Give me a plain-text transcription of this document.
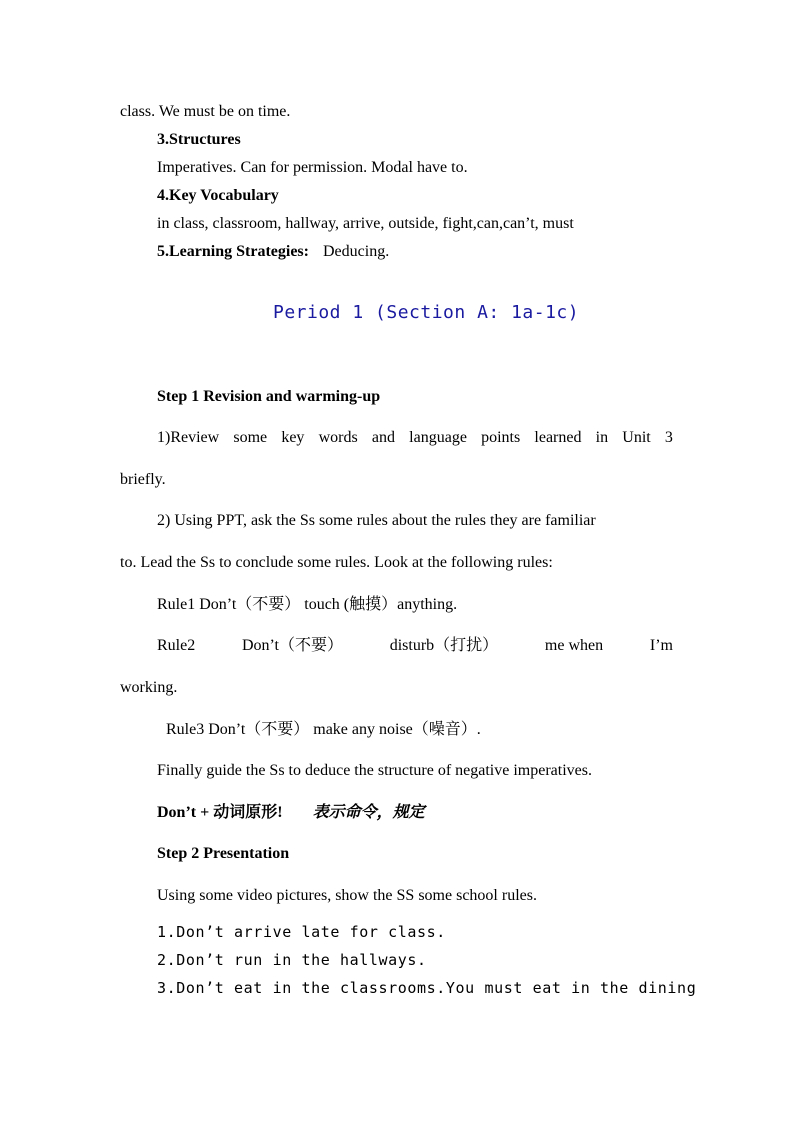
class. We must be on time.
3.Structures
Imperatives. Can for permission. Modal have to.
4.Key Vocabulary
in class, classroom, hallway, arrive, outside, fight,can,can’t, must
5.Learning Strategies: Deducing.
Period 1 (Section A: 1a-1c)
Step 1 Revision and warming-up
1)Review some key words and language points learned in Unit 3
briefly.
2) Using PPT, ask the Ss some rules about the rules they are familiar
to. Lead the Ss to conclude some rules. Look at the following rules:
Rule1 Don’t（不要） touch (触摸）anything.
Rule2	Don’t（不要）	disturb（打扰）	me when	I’m
working.
Rule3 Don’t（不要） make any noise（噪音）.
Finally guide the Ss to deduce the structure of negative imperatives.
Don’t + 动词原形! 表示命令，规定
Step 2 Presentation
Using some video pictures, show the SS some school rules.
1.Don’t arrive late for class.
2.Don’t run in the hallways.
3.Don’t eat in the classrooms.You must eat in the dining
